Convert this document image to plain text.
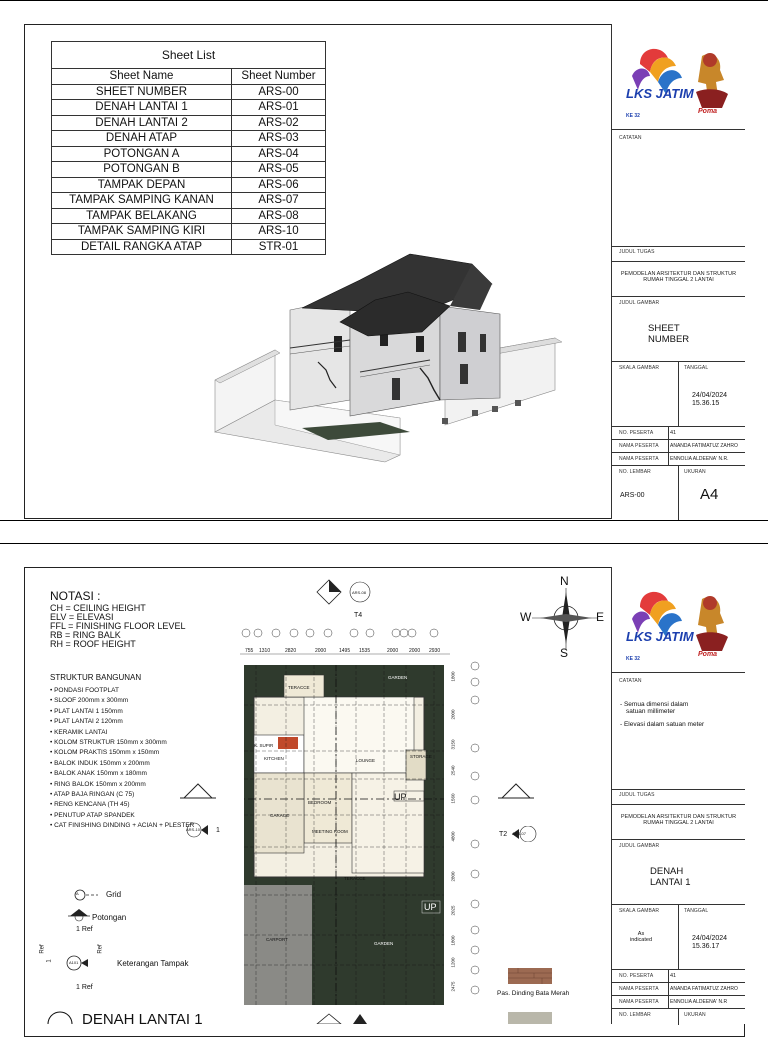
Sheet List	
Sheet Name	Sheet Number
SHEET NUMBER	ARS-00
DENAH LANTAI 1	ARS-01
DENAH LANTAI 2	ARS-02
DENAH ATAP	ARS-03
POTONGAN A	ARS-04
POTONGAN B	ARS-05
TAMPAK DEPAN	ARS-06
TAMPAK SAMPING KANAN	ARS-07
TAMPAK BELAKANG	ARS-08
TAMPAK SAMPING KIRI	ARS-10
DETAIL RANGKA ATAP	STR-01
LKS JATIM
KE 32
Poma
CATATAN
JUDUL TUGAS
PEMODELAN ARSITEKTUR DAN STRUKTUR
RUMAH TINGGAL 2 LANTAI
JUDUL GAMBAR
SHEET
NUMBER
SKALA GAMBAR	TANGGAL
24/04/2024
15.36.15
NO. PESERTA	41
NAMA PESERTA ANANDA FATIMATUZ ZAHRO
NAMA PESERTA ENNOLIA ALDEENA' N.R.
NO. LEMBAR	UKURAN
ARS-00	A4
NOTASI :
CH = CEILING HEIGHT
ELV = ELEVASI
FFL = FINISHING FLOOR LEVEL
RB = RING BALK
RH = ROOF HEIGHT
STRUKTUR BANGUNAN
• PONDASI FOOTPLAT
• SLOOF 200mm x 300mm
• PLAT LANTAI 1 150mm
• PLAT LANTAI 2 120mm
• KERAMIK LANTAI
• KOLOM STRUKTUR 150mm x 300mm
• KOLOM PRAKTIS 150mm x 150mm
• BALOK INDUK 150mm x 200mm
• BALOK ANAK 150mm x 180mm
• RING BALOK 150mm x 200mm
• ATAP BAJA RINGAN (C 75)
• RENG KENCANA (TH 45)
• PENUTUP ATAP SPANDEK
• CAT FINISHING DINDING + ACIAN + PLESTER
A	Grid
Potongan
1 Ref
Ref
1	A101
Ref
Keterangan Tampak
1 Ref
DENAH LANTAI 1
N
S
E
W
ARS-08
T4
ARS-10 1
T2 ARS-07
755 1310	2820	2000	1495 1535	2000 2000 2930
TERACCE
GARDEN
K. SUPIR
KITCHEN	LOUNGE
STORAGE
BEDROOM
GARAGE
MEETING ROOM
TERACCE
CARPORT
GARDEN
UP
UP
1800
2000
3150
2540
1560
4800
2800
2025
1800
1200
2475
Pas. Dinding Bata Merah
LKS JATIM
KE 32
Poma
CATATAN
- Semua dimensi dalam
satuan millimeter
- Elevasi dalam satuan meter
JUDUL TUGAS
PEMODELAN ARSITEKTUR DAN STRUKTUR
RUMAH TINGGAL 2 LANTAI
JUDUL GAMBAR
DENAH
LANTAI 1
SKALA GAMBAR	TANGGAL
As
indicated	24/04/2024
15.36.17
NO. PESERTA	41
NAMA PESERTA ANANDA FATIMATUZ ZAHRO
NAMA PESERTA ENNOLIA ALDEENA' N.R
NO. LEMBAR	UKURAN
